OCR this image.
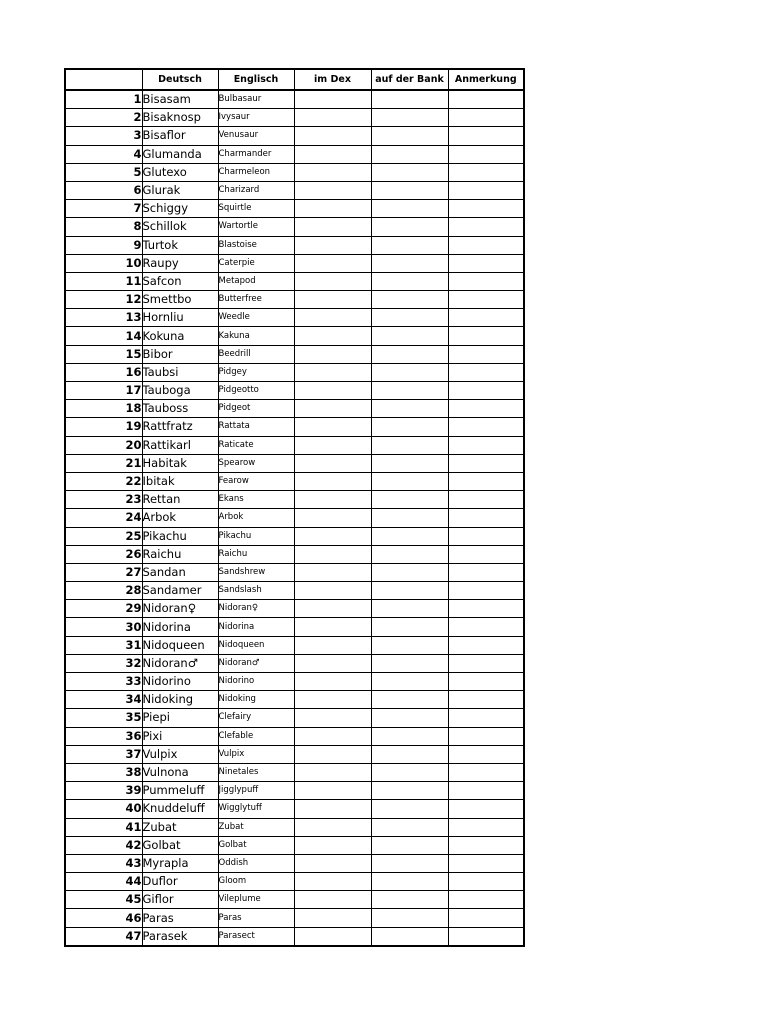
	Deutsch	Englisch	im Dex	auf der Bank	Anmerkung
1	Bisasam	Bulbasaur			
2	Bisaknosp	Ivysaur			
3	Bisaflor	Venusaur			
4	Glumanda	Charmander			
5	Glutexo	Charmeleon			
6	Glurak	Charizard			
7	Schiggy	Squirtle			
8	Schillok	Wartortle			
9	Turtok	Blastoise			
10	Raupy	Caterpie			
11	Safcon	Metapod			
12	Smettbo	Butterfree			
13	Hornliu	Weedle			
14	Kokuna	Kakuna			
15	Bibor	Beedrill			
16	Taubsi	Pidgey			
17	Tauboga	Pidgeotto			
18	Tauboss	Pidgeot			
19	Rattfratz	Rattata			
20	Rattikarl	Raticate			
21	Habitak	Spearow			
22	Ibitak	Fearow			
23	Rettan	Ekans			
24	Arbok	Arbok			
25	Pikachu	Pikachu			
26	Raichu	Raichu			
27	Sandan	Sandshrew			
28	Sandamer	Sandslash			
29	Nidoran♀	Nidoran♀			
30	Nidorina	Nidorina			
31	Nidoqueen	Nidoqueen			
32	Nidoran♂	Nidoran♂			
33	Nidorino	Nidorino			
34	Nidoking	Nidoking			
35	Piepi	Clefairy			
36	Pixi	Clefable			
37	Vulpix	Vulpix			
38	Vulnona	Ninetales			
39	Pummeluff	Jigglypuff			
40	Knuddeluff	Wigglytuff			
41	Zubat	Zubat			
42	Golbat	Golbat			
43	Myrapla	Oddish			
44	Duflor	Gloom			
45	Giflor	Vileplume			
46	Paras	Paras			
47	Parasek	Parasect			
